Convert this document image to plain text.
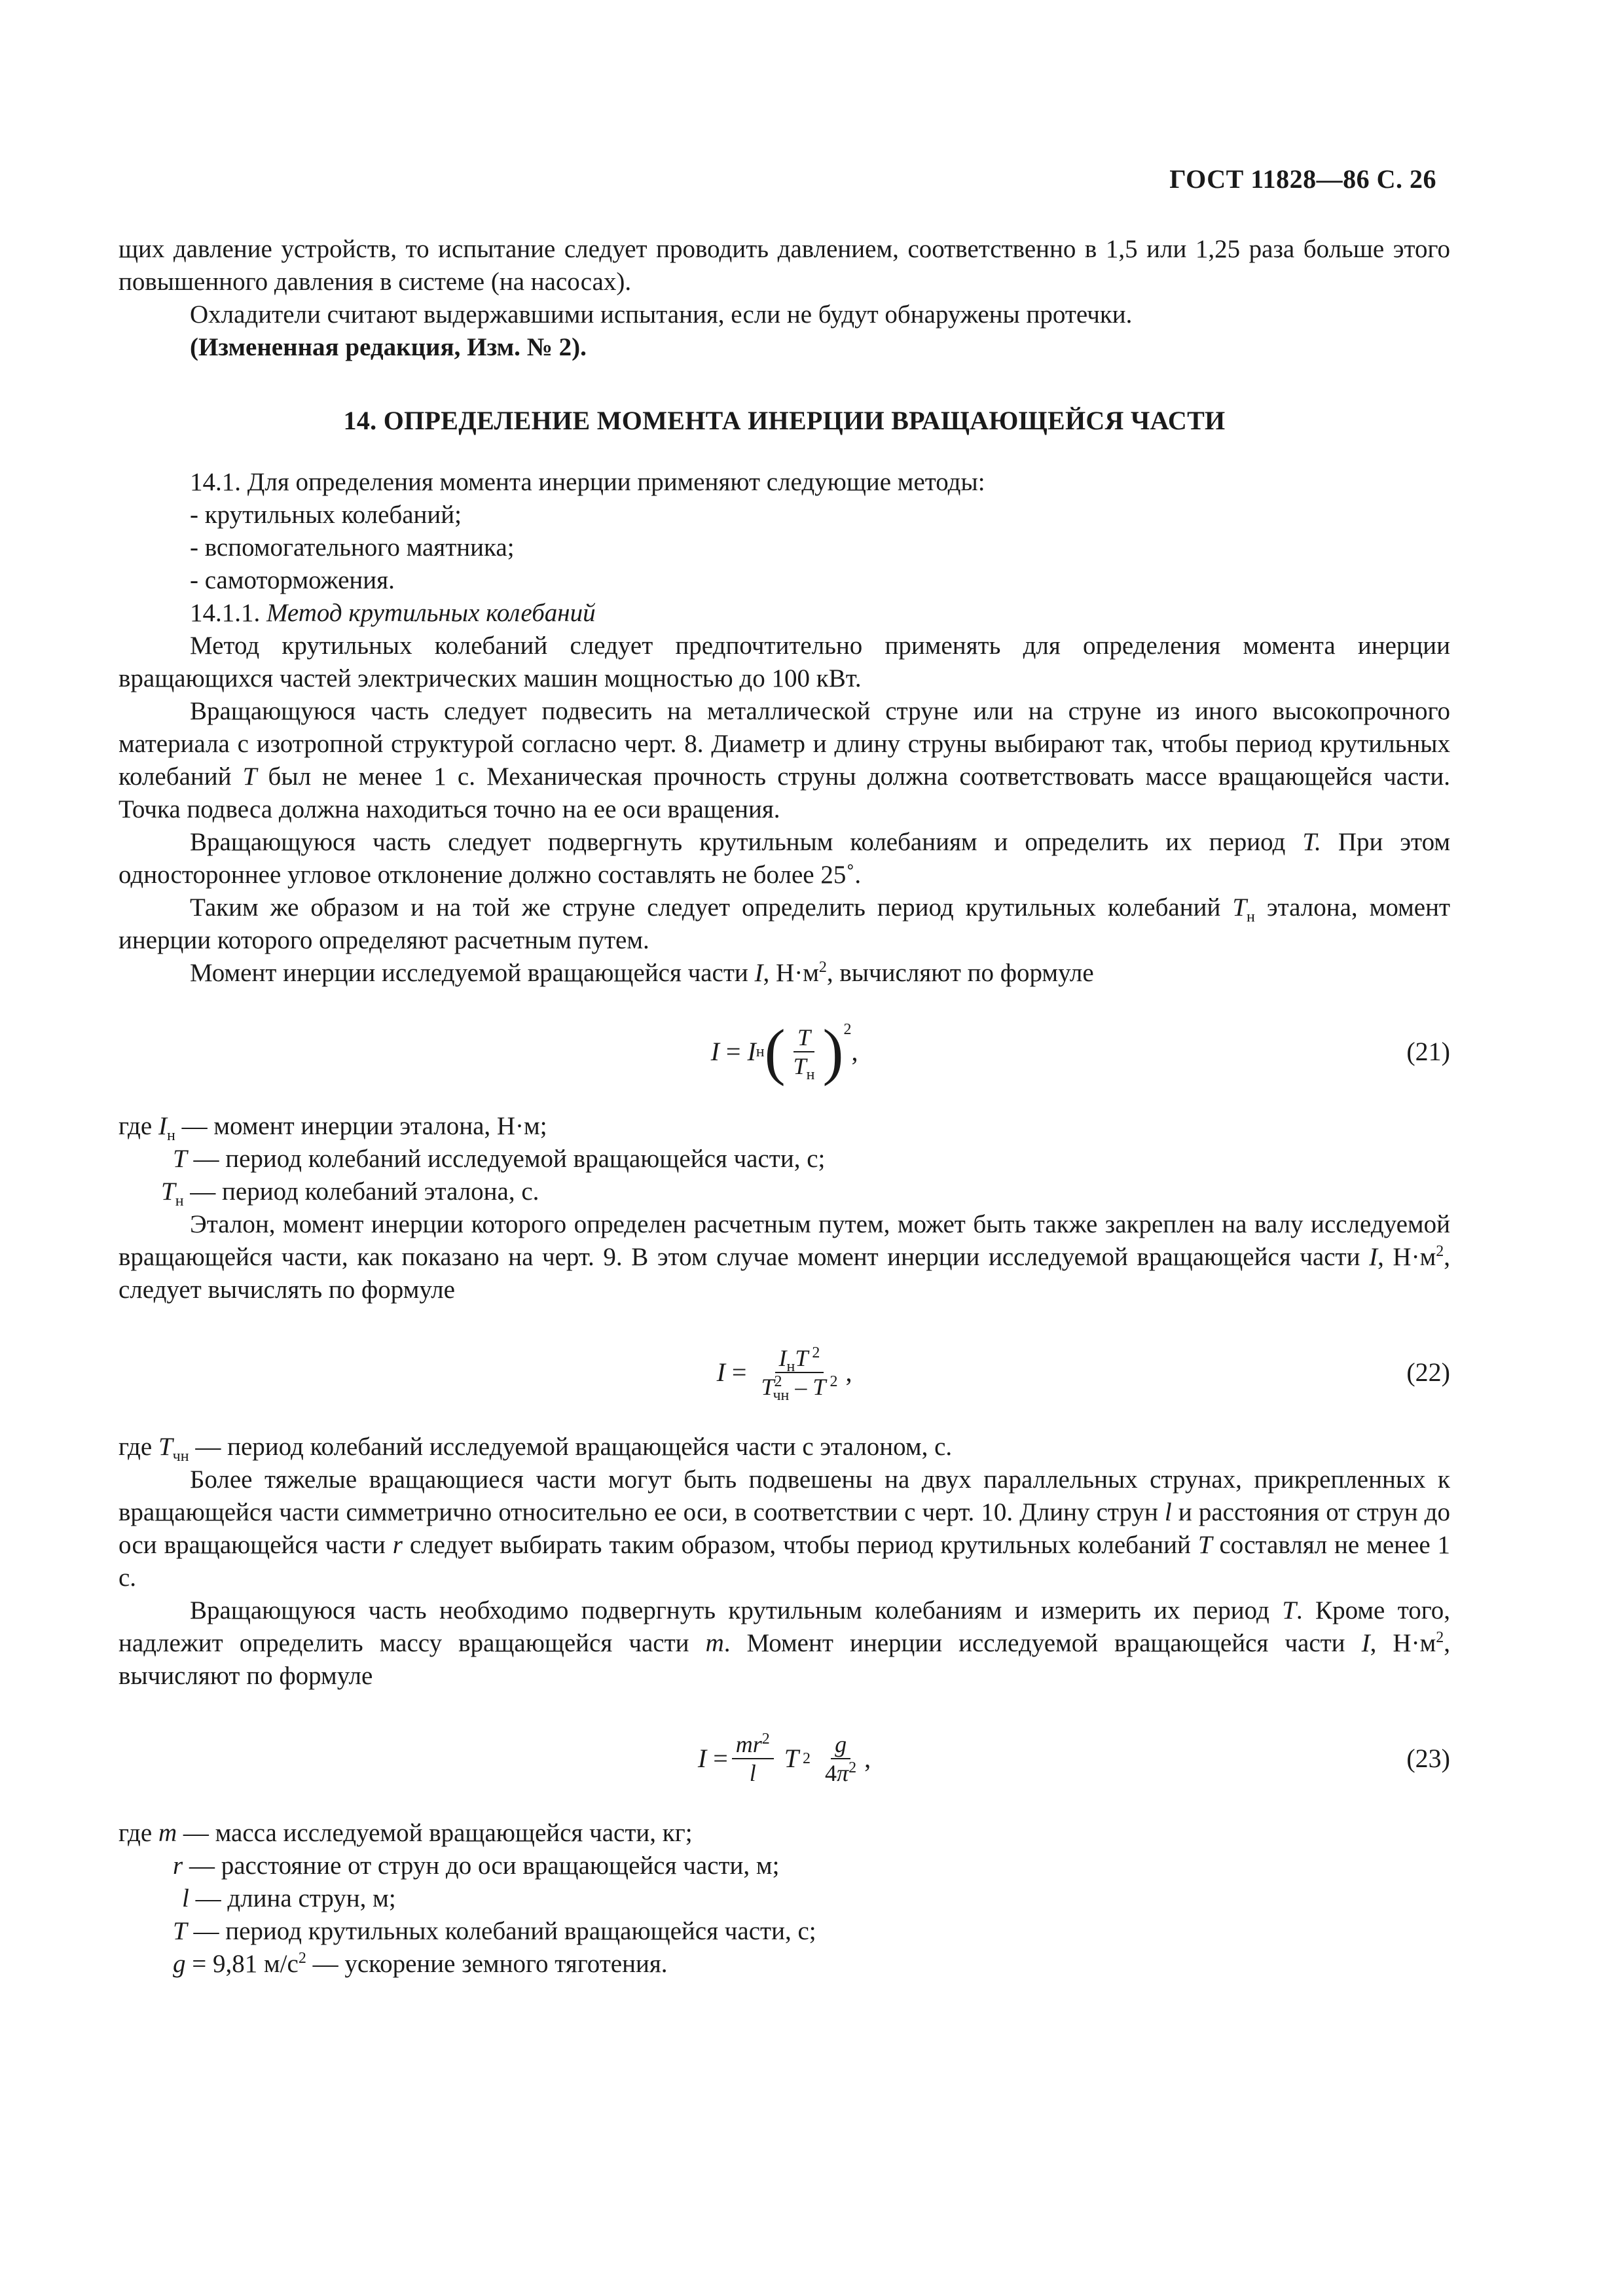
ГОСТ 11828—86 С. 26

щих давление устройств, то испытание следует проводить давлением, соответственно в 1,5 или 1,25 раза больше этого повышенного давления в системе (на насосах).

Охладители считают выдержавшими испытания, если не будут обнаружены протечки.

(Измененная редакция, Изм. № 2).

14. ОПРЕДЕЛЕНИЕ МОМЕНТА ИНЕРЦИИ ВРАЩАЮЩЕЙСЯ ЧАСТИ

14.1. Для определения момента инерции применяют следующие методы:

- крутильных колебаний;

- вспомогательного маятника;

- самоторможения.

14.1.1. Метод крутильных колебаний

Метод крутильных колебаний следует предпочтительно применять для определения момента инерции вращающихся частей электрических машин мощностью до 100 кВт.

Вращающуюся часть следует подвесить на металлической струне или на струне из иного высокопрочного материала с изотропной структурой согласно черт. 8. Диаметр и длину струны выбирают так, чтобы период крутильных колебаний T был не менее 1 с. Механическая прочность струны должна соответствовать массе вращающейся части. Точка подвеса должна находиться точно на ее оси вращения.

Вращающуюся часть следует подвергнуть крутильным колебаниям и определить их период T. При этом одностороннее угловое отклонение должно составлять не более 25˚.

Таким же образом и на той же струне следует определить период крутильных колебаний $T_н$ эталона, момент инерции которого определяют расчетным путем.

Момент инерции исследуемой вращающейся части I, $Н\cdot м^2$, вычисляют по формуле

I = I н ( $\frac{T}{T_н} )^2$
,	(21)

где $I_н$ — момент инерции эталона, Н·м;

T — период колебаний исследуемой вращающейся части, с;

$T_н$ — период колебаний эталона, с.

Эталон, момент инерции которого определен расчетным путем, может быть также закреплен на валу исследуемой вращающейся части, как показано на черт. 9. В этом случае момент инерции исследуемой вращающейся части I, $Н\cdot м^2$, следует вычислять по формуле

$I = \frac{I_нT ^2}{T^2_{чн} - T ^2}$ ,	(22)

где $T_{чн}$ — период колебаний исследуемой вращающейся части с эталоном, с.

Более тяжелые вращающиеся части могут быть подвешены на двух параллельных струнах, прикрепленных к вращающейся части симметрично относительно ее оси, в соответствии с черт. 10. Длину струн l и расстояния от струн до оси вращающейся части r следует выбирать таким образом, чтобы период крутильных колебаний T составлял не менее 1 с.

Вращающуюся часть необходимо подвергнуть крутильным колебаниям и измерить их период T. Кроме того, надлежит определить массу вращающейся части m. Момент инерции исследуемой вращающейся части I, $Н\cdot м^2$, вычисляют по формуле

$I = \frac{mr^2}{l}$
T 2
$\frac{g}{4\pi^2}$ ,	(23)

где m — масса исследуемой вращающейся части, кг;

r — расстояние от струн до оси вращающейся части, м;

l — длина струн, м;

T — период крутильных колебаний вращающейся части, с;

g = 9,81 $м/с^2$ — ускорение земного тяготения.
